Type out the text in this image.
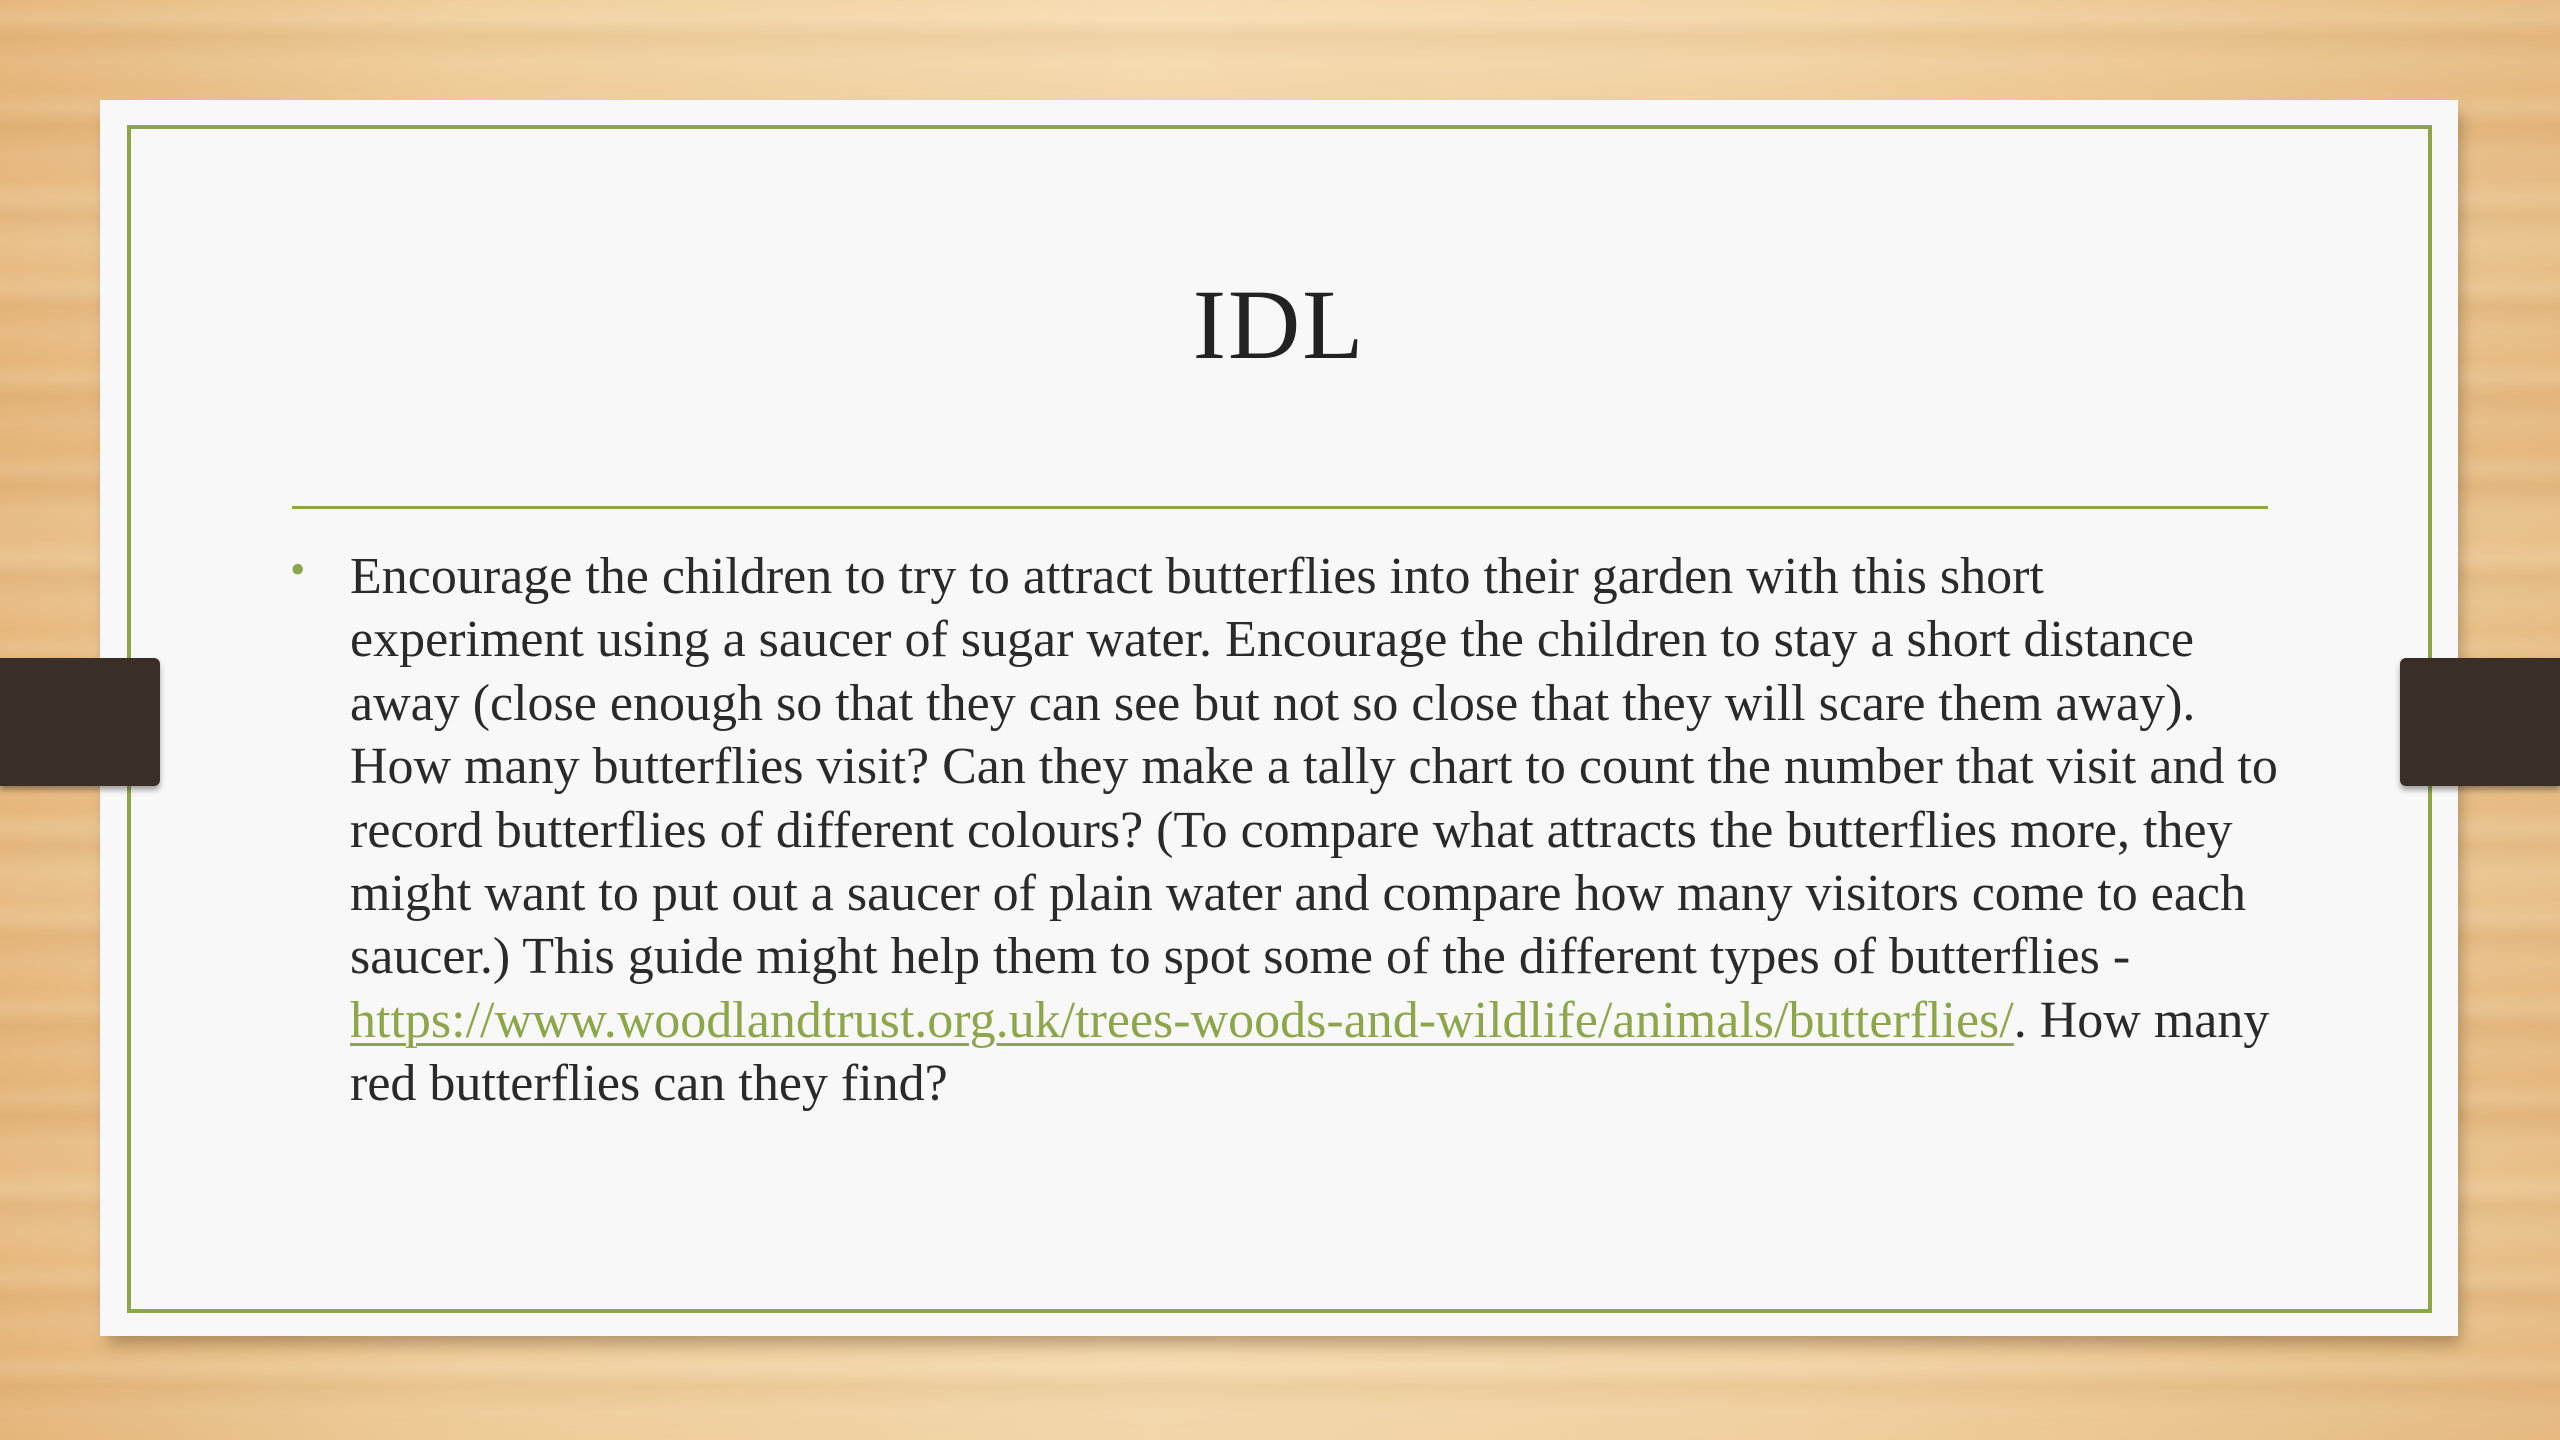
IDL
• Encourage the children to try to attract butterflies into their garden with this short experiment using a saucer of sugar water. Encourage the children to stay a short distance away (close enough so that they can see but not so close that they will scare them away). How many butterflies visit? Can they make a tally chart to count the number that visit and to record butterflies of different colours? (To compare what attracts the butterflies more, they might want to put out a saucer of plain water and compare how many visitors come to each saucer.) This guide might help them to spot some of the different types of butterflies - https://www.woodlandtrust.org.uk/trees-woods-and-wildlife/animals/butterflies/. How many red butterflies can they find?
